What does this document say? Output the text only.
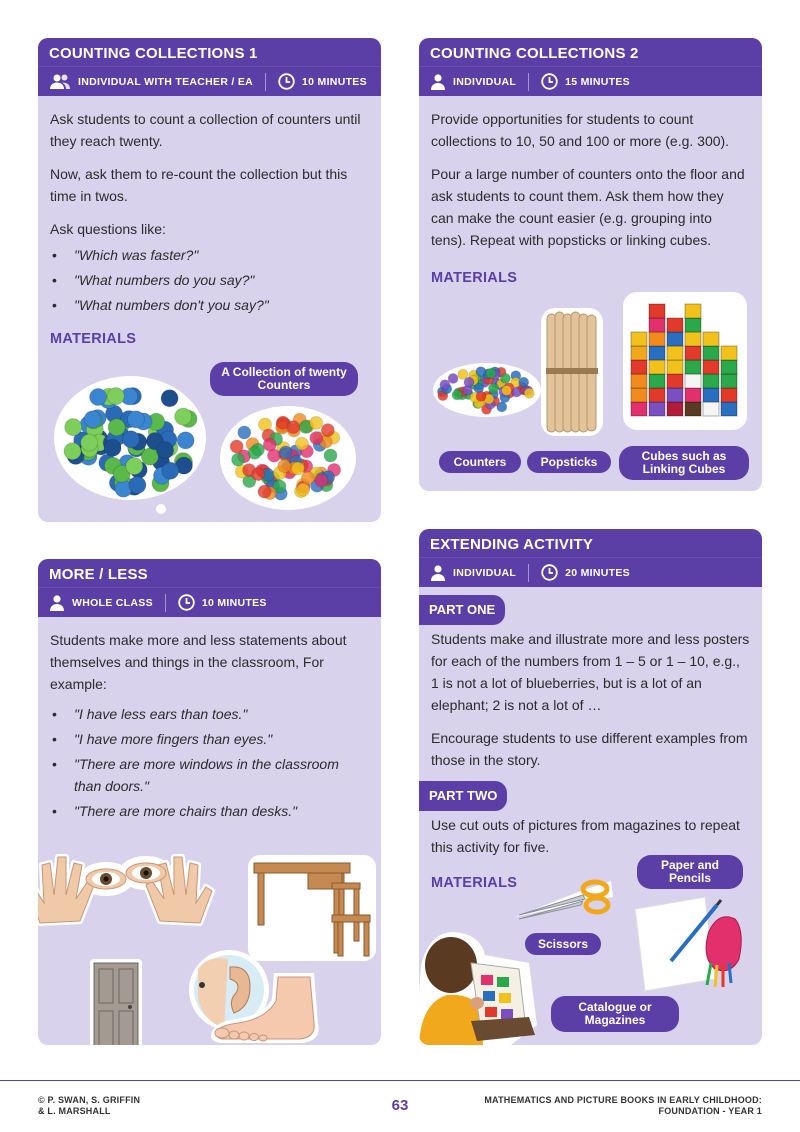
COUNTING COLLECTIONS 1
INDIVIDUAL WITH TEACHER / EA	10 MINUTES

Ask students to count a collection of counters until they reach twenty.

Now, ask them to re-count the collection but this time in twos.

Ask questions like:

• "Which was faster?"
• "What numbers do you say?"
• "What numbers don't you say?"
MATERIALS
A Collection of twenty Counters
COUNTING COLLECTIONS 2
INDIVIDUAL	15 MINUTES

Provide opportunities for students to count collections to 10, 50 and 100 or more (e.g. 300).

Pour a large number of counters onto the floor and ask students to count them. Ask them how they can make the count easier (e.g. grouping into tens). Repeat with popsticks or linking cubes.

MATERIALS
Counters	Popsticks	Cubes such as Linking Cubes
MORE / LESS
WHOLE CLASS	10 MINUTES

Students make more and less statements about themselves and things in the classroom, For example:

• "I have less ears than toes."
• "I have more fingers than eyes."
• "There are more windows in the classroom than doors."
• "There are more chairs than desks."
EXTENDING ACTIVITY
INDIVIDUAL	20 MINUTES
PART ONE

Students make and illustrate more and less posters for each of the numbers from 1 – 5 or 1 – 10, e.g., 1 is not a lot of blueberries, but is a lot of an elephant; 2 is not a lot of …

Encourage students to use different examples from those in the story.

PART TWO

Use cut outs of pictures from magazines to repeat this activity for five.

MATERIALS
Paper and Pencils
Scissors
Catalogue or Magazines
© P. SWAN, S. GRIFFIN
& L. MARSHALL	63	MATHEMATICS AND PICTURE BOOKS IN EARLY CHILDHOOD:
FOUNDATION - YEAR 1
